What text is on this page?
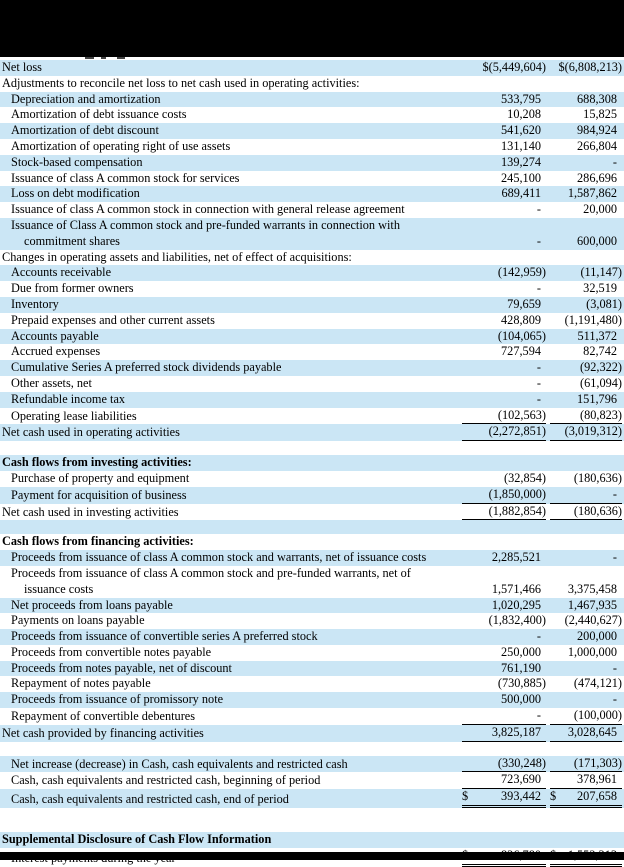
Net loss	$(5,449,604) $(6,808,213)
Adjustments to reconcile net loss to net cash used in operating activities:
Depreciation and amortization	533,795	688,308
Amortization of debt issuance costs	10,208	15,825
Amortization of debt discount	541,620	984,924
Amortization of operating right of use assets	131,140	266,804
Stock-based compensation	139,274	-
Issuance of class A common stock for services	245,100	286,696
Loss on debt modification	689,411	1,587,862
Issuance of class A common stock in connection with general release agreement	-	20,000
Issuance of Class A common stock and pre-funded warrants in connection with
commitment shares	-	600,000
Changes in operating assets and liabilities, net of effect of acquisitions:
Accounts receivable	(142,959)	(11,147)
Due from former owners	-	32,519
Inventory	79,659	(3,081)
Prepaid expenses and other current assets	428,809	(1,191,480)
Accounts payable	(104,065)	511,372
Accrued expenses	727,594	82,742
Cumulative Series A preferred stock dividends payable	-	(92,322)
Other assets, net	-	(61,094)
Refundable income tax	-	151,796
Operating lease liabilities	(102,563)	(80,823)
Net cash used in operating activities	(2,272,851) (3,019,312)
Cash flows from investing activities:
Purchase of property and equipment	(32,854) (180,636)
Payment for acquisition of business	(1,850,000)	-
Net cash used in investing activities	(1,882,854) (180,636)
Cash flows from financing activities:
Proceeds from issuance of class A common stock and warrants, net of issuance costs	2,285,521	-
Proceeds from issuance of class A common stock and pre-funded warrants, net of
issuance costs	1,571,466	3,375,458
Net proceeds from loans payable	1,020,295	1,467,935
Payments on loans payable	(1,832,400) (2,440,627)
Proceeds from issuance of convertible series A preferred stock	-	200,000
Proceeds from convertible notes payable	250,000	1,000,000
Proceeds from notes payable, net of discount	761,190	-
Repayment of notes payable	(730,885) (474,121)
Proceeds from issuance of promissory note	500,000	-
Repayment of convertible debentures	-	(100,000)
Net cash provided by financing activities	3,825,187	3,028,645
Net increase (decrease) in Cash, cash equivalents and restricted cash	(330,248) (171,303)
Cash, cash equivalents and restricted cash, beginning of period	723,690	378,961
Cash, cash equivalents and restricted cash, end of period	$	393,442 $ 207,658
Supplemental Disclosure of Cash Flow Information
